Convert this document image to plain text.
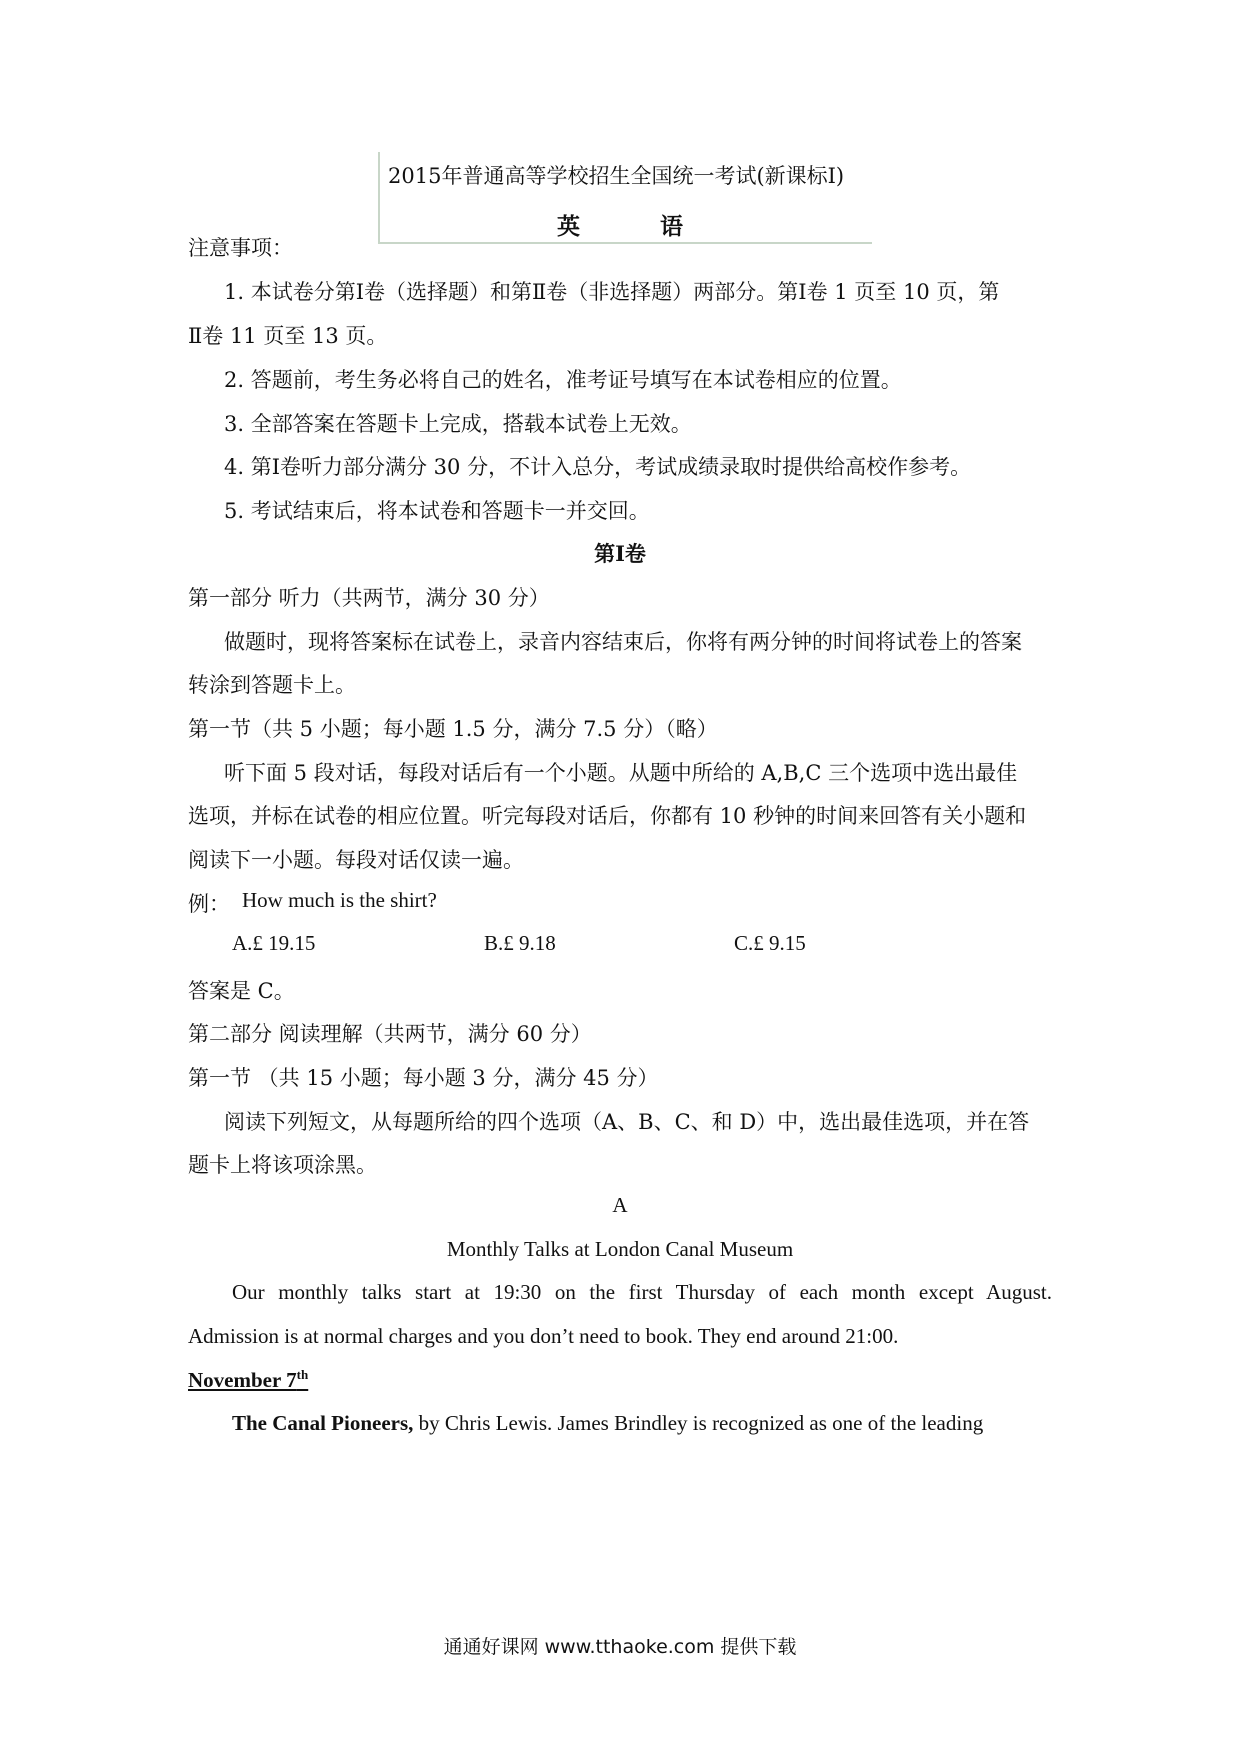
2015年普通高等学校招生全国统一考试(新课标Ⅰ)
英 语
注意事项：
1. 本试卷分第Ⅰ卷（选择题）和第Ⅱ卷（非选择题）两部分。第Ⅰ卷 1 页至 10 页，第
Ⅱ卷 11 页至 13 页。
2. 答题前，考生务必将自己的姓名，准考证号填写在本试卷相应的位置。
3. 全部答案在答题卡上完成，搭载本试卷上无效。
4. 第Ⅰ卷听力部分满分 30 分，不计入总分，考试成绩录取时提供给高校作参考。
5. 考试结束后，将本试卷和答题卡一并交回。
第Ⅰ卷
第一部分 听力（共两节，满分 30 分）
做题时，现将答案标在试卷上，录音内容结束后，你将有两分钟的时间将试卷上的答案
转涂到答题卡上。
第一节（共 5 小题；每小题 1.5 分，满分 7.5 分）（略）
听下面 5 段对话，每段对话后有一个小题。从题中所给的 A,B,C 三个选项中选出最佳
选项，并标在试卷的相应位置。听完每段对话后，你都有 10 秒钟的时间来回答有关小题和
阅读下一小题。每段对话仅读一遍。
例： How much is the shirt?
A.£ 19.15	B.£ 9.18	C.£ 9.15
答案是 C。
第二部分 阅读理解（共两节，满分 60 分）
第一节 （共 15 小题；每小题 3 分，满分 45 分）
阅读下列短文，从每题所给的四个选项（A、B、C、和 D）中，选出最佳选项，并在答
题卡上将该项涂黑。
A
Monthly Talks at London Canal Museum
Our monthly talks start at 19:30 on the first Thursday of each month except August.
Admission is at normal charges and you don’t need to book. They end around 21:00.
November 7th
The Canal Pioneers, by Chris Lewis. James Brindley is recognized as one of the leading
通通好课网 www.tthaoke.com 提供下载
